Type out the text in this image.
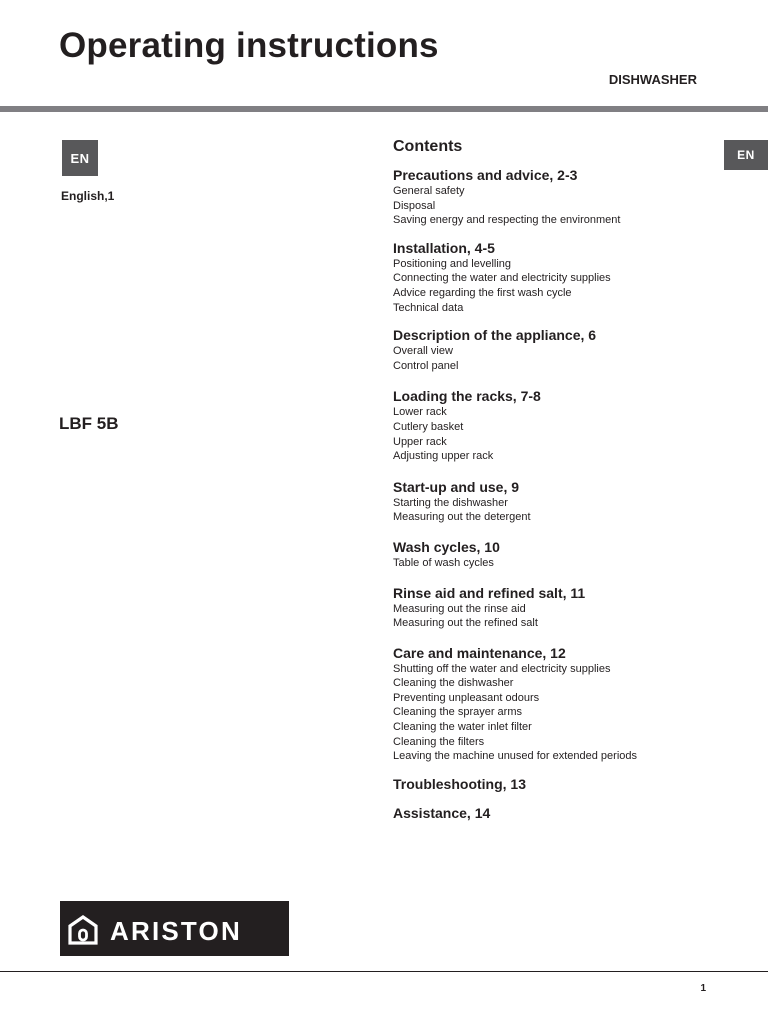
Operating instructions
DISHWASHER
EN
English,1
EN
LBF 5B
Contents
Precautions and advice, 2-3
General safety
Disposal
Saving energy and respecting the environment
Installation, 4-5
Positioning and levelling
Connecting the water and electricity supplies
Advice regarding the first wash cycle
Technical data
Description of the appliance, 6
Overall view
Control panel
Loading the racks, 7-8
Lower rack
Cutlery basket
Upper rack
Adjusting upper rack
Start-up and use, 9
Starting the dishwasher
Measuring out the detergent
Wash cycles, 10
Table of wash cycles
Rinse aid and refined salt, 11
Measuring out the rinse aid
Measuring out the refined salt
Care and maintenance, 12
Shutting off the water and electricity supplies
Cleaning the dishwasher
Preventing unpleasant odours
Cleaning the sprayer arms
Cleaning the water inlet filter
Cleaning the filters
Leaving the machine unused for extended periods
Troubleshooting, 13
Assistance, 14
ARISTON
1
